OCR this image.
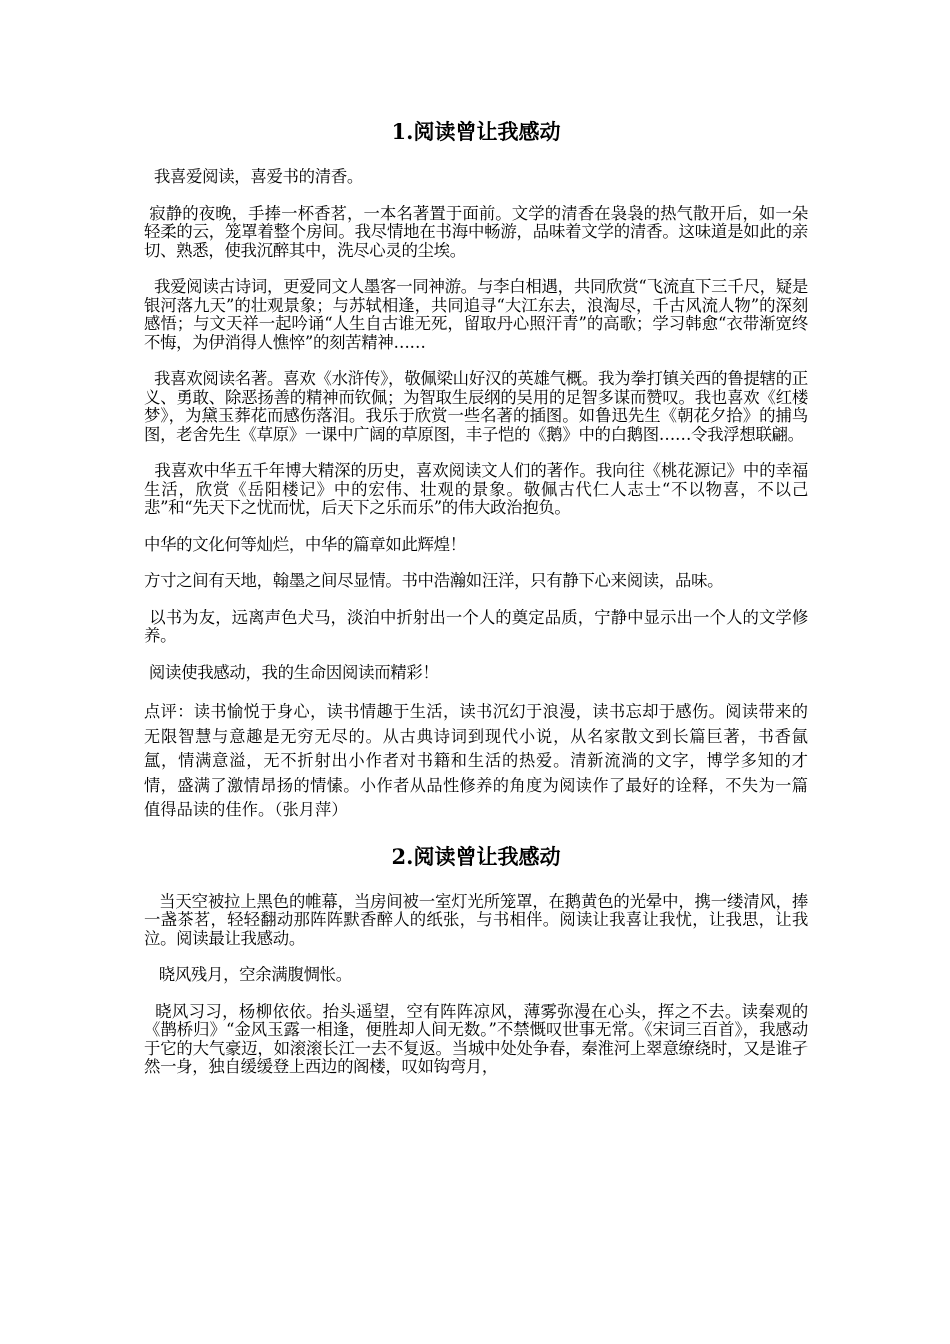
1.阅读曾让我感动

我喜爱阅读，喜爱书的清香。

寂静的夜晚，手捧一杯香茗，一本名著置于面前。文学的清香在袅袅的热气散开后，如一朵轻柔的云，笼罩着整个房间。我尽情地在书海中畅游，品味着文学的清香。这味道是如此的亲切、熟悉，使我沉醉其中，洗尽心灵的尘埃。

我爱阅读古诗词，更爱同文人墨客一同神游。与李白相遇，共同欣赏“飞流直下三千尺，疑是银河落九天”的壮观景象；与苏轼相逢，共同追寻“大江东去，浪淘尽，千古风流人物”的深刻感悟；与文天祥一起吟诵“人生自古谁无死，留取丹心照汗青”的高歌；学习韩愈“衣带渐宽终不悔，为伊消得人憔悴”的刻苦精神……

我喜欢阅读名著。喜欢《水浒传》，敬佩梁山好汉的英雄气概。我为拳打镇关西的鲁提辖的正义、勇敢、除恶扬善的精神而钦佩；为智取生辰纲的吴用的足智多谋而赞叹。我也喜欢《红楼梦》，为黛玉葬花而感伤落泪。我乐于欣赏一些名著的插图。如鲁迅先生《朝花夕拾》的捕鸟图，老舍先生《草原》一课中广阔的草原图，丰子恺的《鹅》中的白鹅图……令我浮想联翩。

我喜欢中华五千年博大精深的历史，喜欢阅读文人们的著作。我向往《桃花源记》中的幸福生活，欣赏《岳阳楼记》中的宏伟、壮观的景象。敬佩古代仁人志士“不以物喜，不以己悲”和“先天下之忧而忧，后天下之乐而乐”的伟大政治抱负。

中华的文化何等灿烂，中华的篇章如此辉煌！

方寸之间有天地，翰墨之间尽显情。书中浩瀚如汪洋，只有静下心来阅读，品味。

以书为友，远离声色犬马，淡泊中折射出一个人的奠定品质，宁静中显示出一个人的文学修养。

阅读使我感动，我的生命因阅读而精彩！

点评：读书愉悦于身心，读书情趣于生活，读书沉幻于浪漫，读书忘却于感伤。阅读带来的无限智慧与意趣是无穷无尽的。从古典诗词到现代小说，从名家散文到长篇巨著，书香氤氲，情满意溢，无不折射出小作者对书籍和生活的热爱。清新流淌的文字，博学多知的才情，盛满了激情昂扬的情愫。小作者从品性修养的角度为阅读作了最好的诠释，不失为一篇值得品读的佳作。（张月萍）

2.阅读曾让我感动

当天空被拉上黑色的帷幕，当房间被一室灯光所笼罩，在鹅黄色的光晕中，携一缕清风，捧一盏茶茗，轻轻翻动那阵阵默香醉人的纸张，与书相伴。阅读让我喜让我忧，让我思，让我泣。阅读最让我感动。

晓风残月，空余满腹惆怅。

晓风习习，杨柳依依。抬头遥望，空有阵阵凉风，薄雾弥漫在心头，挥之不去。读秦观的《鹊桥归》“金风玉露一相逢，便胜却人间无数。”不禁慨叹世事无常。《宋词三百首》，我感动于它的大气豪迈，如滚滚长江一去不复返。当城中处处争春，秦淮河上翠意缭绕时，又是谁孑然一身，独自缓缓登上西边的阁楼，叹如钩弯月，
